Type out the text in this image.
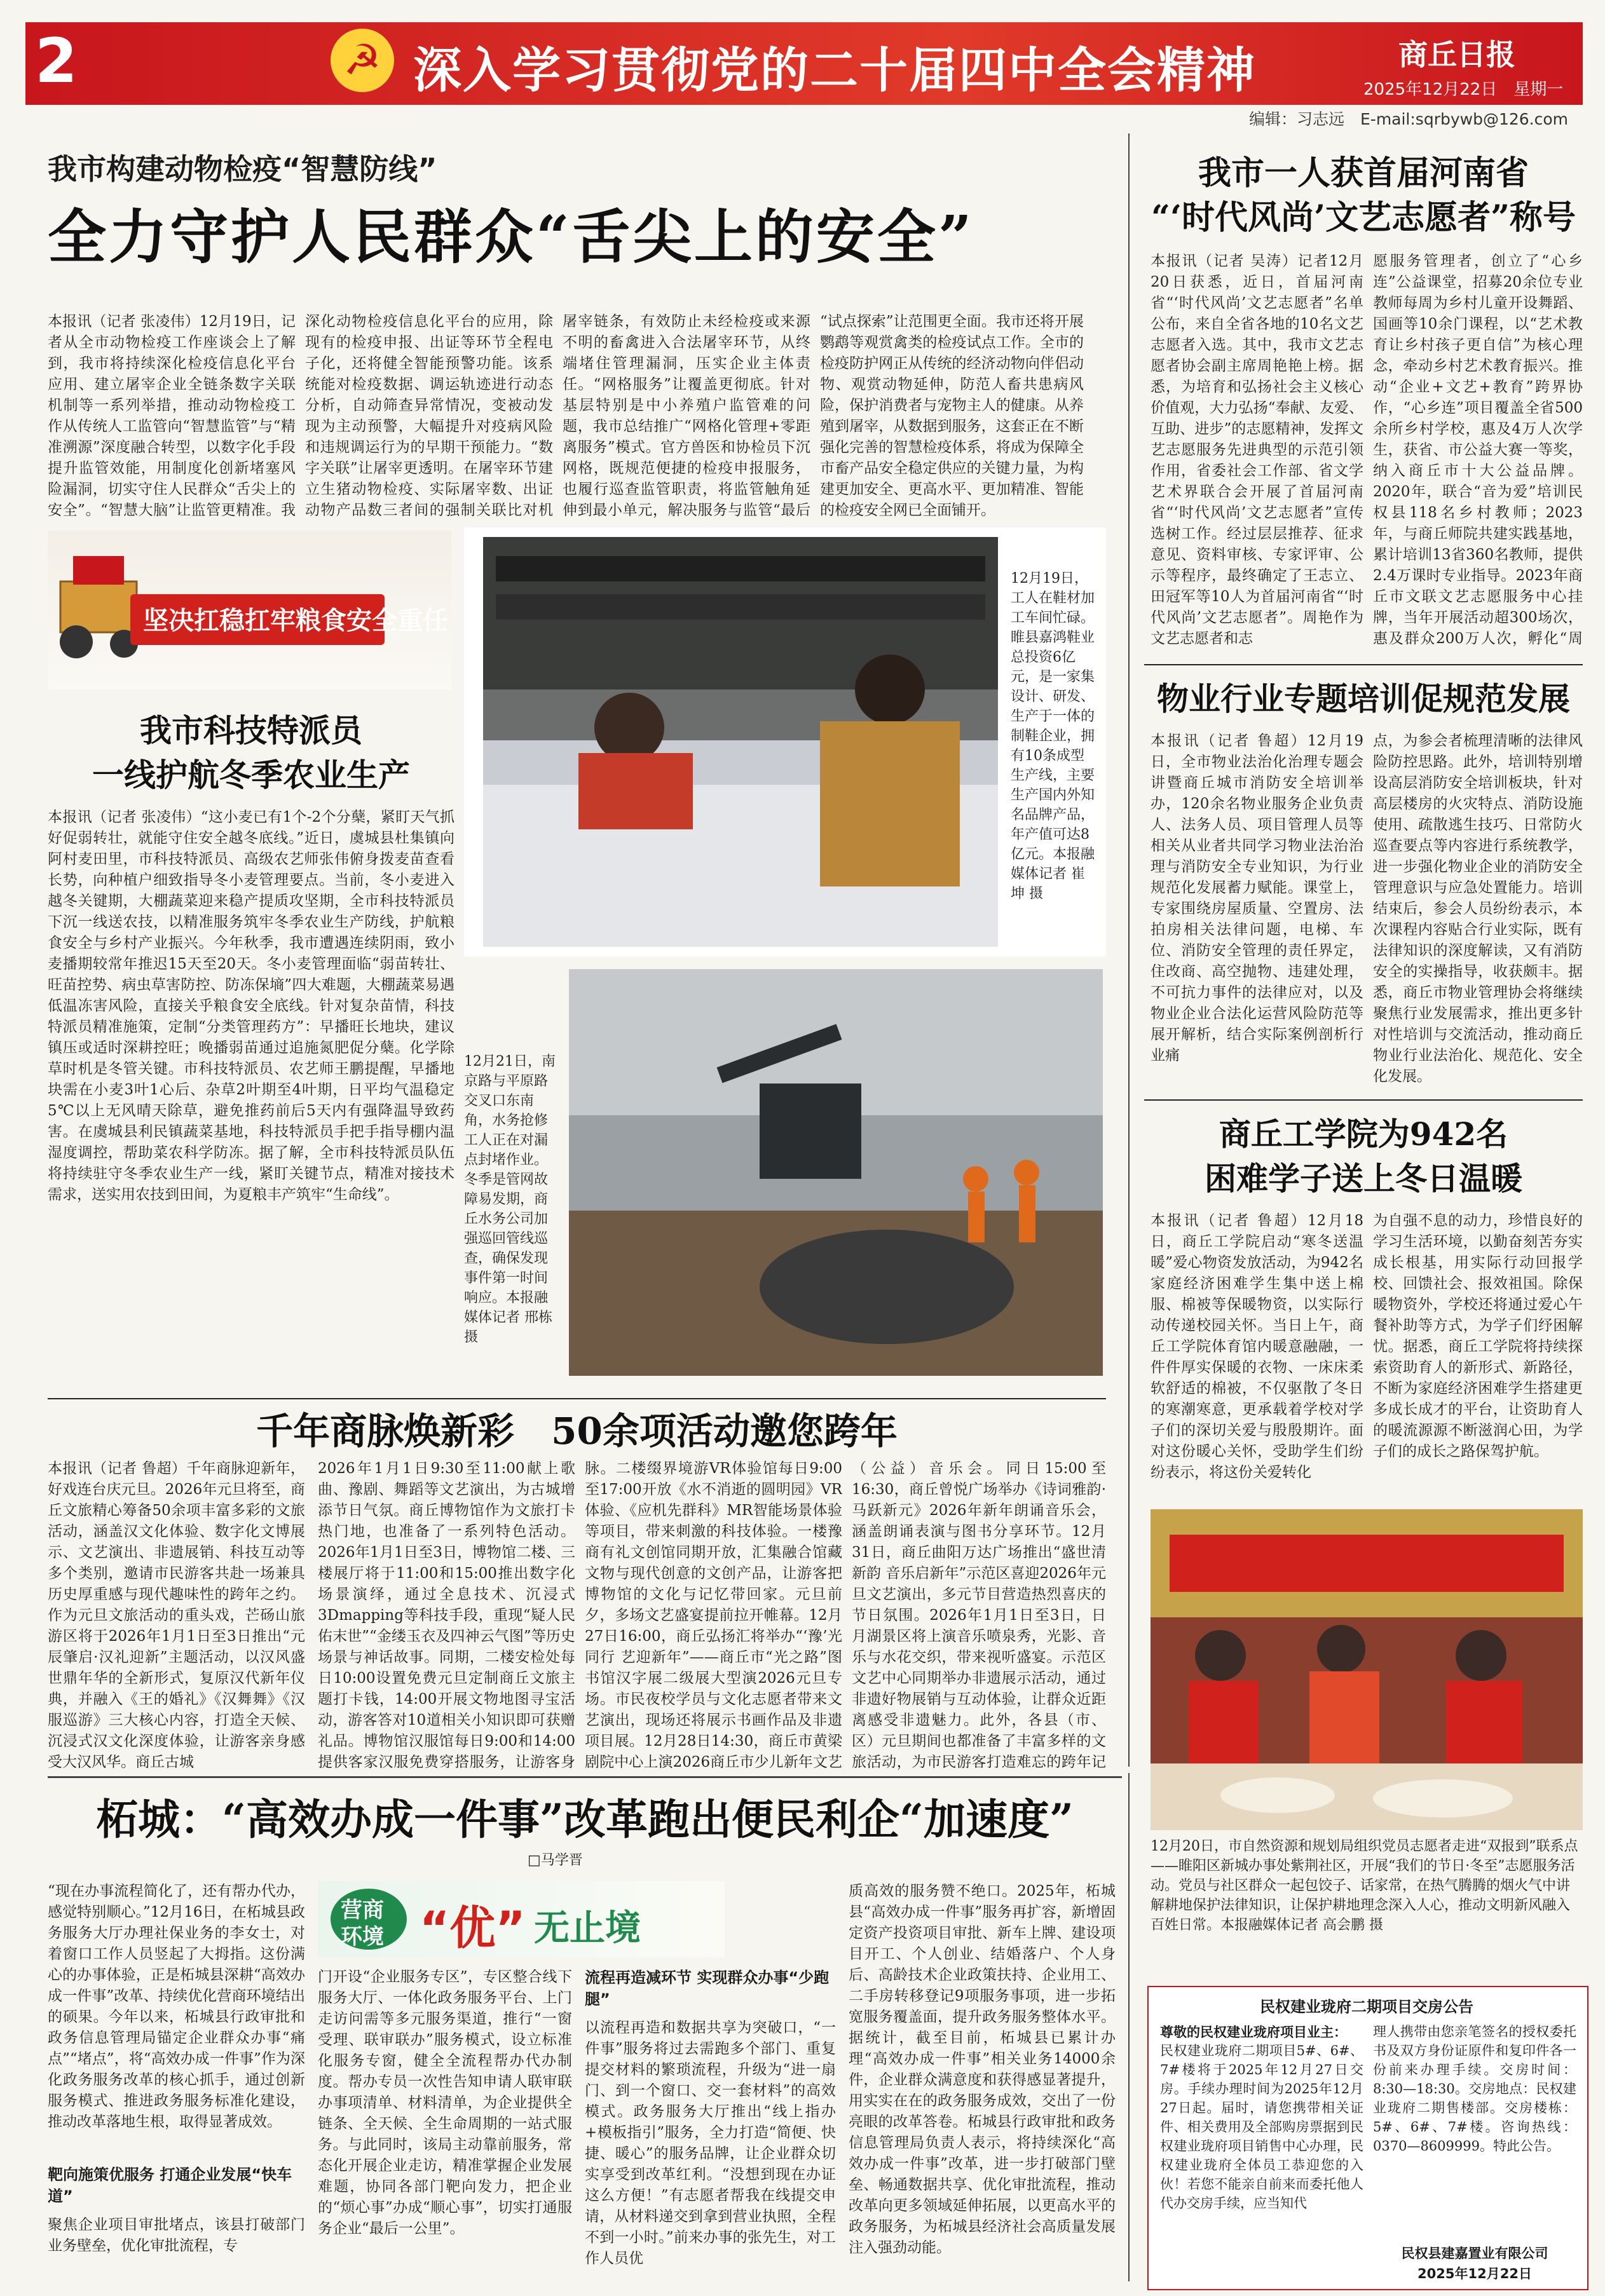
2	☭ 深入学习贯彻党的二十届四中全会精神	商丘日报
2025年12月22日　星期一
编辑：习志远　E-mail:sqrbywb@126.com
我市构建动物检疫“智慧防线”
全力守护人民群众“舌尖上的安全”
本报讯（记者 张凌伟）12月19日，记者从全市动物检疫工作座谈会上了解到，我市将持续深化检疫信息化平台应用、建立屠宰企业全链条数字关联机制等一系列举措，推动动物检疫工作从传统人工监管向“智慧监管”与“精准溯源”深度融合转型，以数字化手段提升监管效能，用制度化创新堵塞风险漏洞，切实守住人民群众“舌尖上的安全”。“智慧大脑”让监管更精准。我
深化动物检疫信息化平台的应用，除现有的检疫申报、出证等环节全程电子化，还将健全智能预警功能。该系统能对检疫数据、调运轨迹进行动态分析，自动筛查异常情况，变被动发现为主动预警，大幅提升对疫病风险和违规调运行为的早期干预能力。“数字关联”让屠宰更透明。在屠宰环节建立生猪动物检疫、实际屠宰数、出证动物产品数三者间的强制关联比对机
屠宰链条，有效防止未经检疫或来源不明的畜禽进入合法屠宰环节，从终端堵住管理漏洞，压实企业主体责任。“网格服务”让覆盖更彻底。针对基层特别是中小养殖户监管难的问题，我市总结推广“网格化管理+零距离服务”模式。官方兽医和协检员下沉网格，既规范便捷的检疫申报服务，也履行巡查监管职责，将监管触角延伸到最小单元，解决服务与监管“最后
“试点探索”让范围更全面。我市还将开展鹦鹉等观赏禽类的检疫试点工作。全市的检疫防护网正从传统的经济动物向伴侣动物、观赏动物延伸，防范人畜共患病风险，保护消费者与宠物主人的健康。从养殖到屠宰，从数据到服务，这套正在不断强化完善的智慧检疫体系，将成为保障全市畜产品安全稳定供应的关键力量，为构建更加安全、更高水平、更加精准、智能的检疫安全网已全面铺开。
坚决扛稳扛牢粮食安全重任
我市科技特派员
一线护航冬季农业生产
本报讯（记者 张凌伟）“这小麦已有1个-2个分蘖，紧盯天气抓好促弱转壮，就能守住安全越冬底线。”近日，虞城县杜集镇向阿村麦田里，市科技特派员、高级农艺师张伟俯身拨麦苗查看长势，向种植户细致指导冬小麦管理要点。当前，冬小麦进入越冬关键期，大棚蔬菜迎来稳产提质攻坚期，全市科技特派员下沉一线送农技，以精准服务筑牢冬季农业生产防线，护航粮食安全与乡村产业振兴。今年秋季，我市遭遇连续阴雨，致小麦播期较常年推迟15天至20天。冬小麦管理面临“弱苗转壮、旺苗控势、病虫草害防控、防冻保墒”四大难题，大棚蔬菜易遇低温冻害风险，直接关乎粮食安全底线。针对复杂苗情，科技特派员精准施策，定制“分类管理药方”：早播旺长地块，建议镇压或适时深耕控旺；晚播弱苗通过追施氮肥促分蘖。化学除草时机是冬管关键。市科技特派员、农艺师王鹏提醒，早播地块需在小麦3叶1心后、杂草2叶期至4叶期，日平均气温稳定5℃以上无风晴天除草，避免推药前后5天内有强降温导致药害。在虞城县利民镇蔬菜基地，科技特派员手把手指导棚内温湿度调控，帮助菜农科学防冻。据了解，全市科技特派员队伍将持续驻守冬季农业生产一线，紧盯关键节点，精准对接技术需求，送实用农技到田间，为夏粮丰产筑牢“生命线”。
12月19日，工人在鞋材加工车间忙碌。睢县嘉鸿鞋业总投资6亿元，是一家集设计、研发、生产于一体的制鞋企业，拥有10条成型生产线，主要生产国内外知名品牌产品，年产值可达8亿元。本报融媒体记者 崔坤 摄
12月21日，南京路与平原路交叉口东南角，水务抢修工人正在对漏点封堵作业。冬季是管网故障易发期，商丘水务公司加强巡回管线巡查，确保发现事件第一时间响应。本报融媒体记者 邢栋 摄
千年商脉焕新彩　50余项活动邀您跨年
本报讯（记者 鲁超）千年商脉迎新年，好戏连台庆元旦。2026年元旦将至，商丘文旅精心筹备50余项丰富多彩的文旅活动，涵盖汉文化体验、数字化文博展示、文艺演出、非遗展销、科技互动等多个类别，邀请市民游客共赴一场兼具历史厚重感与现代趣味性的跨年之约。作为元旦文旅活动的重头戏，芒砀山旅游区将于2026年1月1日至3日推出“元辰肇启·汉礼迎新”主题活动，以汉风盛世鼎年华的全新形式，复原汉代新年仪典，并融入《王的婚礼》《汉舞舞》《汉服巡游》三大核心内容，打造全天候、沉浸式汉文化深度体验，让游客亲身感受大汉风华。商丘古城
2026年1月1日9:30至11:00献上歌曲、豫剧、舞蹈等文艺演出，为古城增添节日气氛。商丘博物馆作为文旅打卡热门地，也准备了一系列特色活动。2026年1月1日至3日，博物馆二楼、三楼展厅将于11:00和15:00推出数字化场景演绎，通过全息技术、沉浸式3Dmapping等科技手段，重现“疑人民佑末世”“金缕玉衣及四神云气图”等历史场景与神话故事。同期，二楼安检处每日10:00设置免费元旦定制商丘文旅主题打卡钱，14:00开展文物地图寻宝活动，游客答对10道相关小知识即可获赠礼品。博物馆汉服馆每日9:00和14:00提供客家汉服免费穿搭服务，让游客身
脉。二楼缀界境游VR体验馆每日9:00至17:00开放《水不消逝的圆明园》VR体验、《应机先群科》MR智能场景体验等项目，带来刺激的科技体验。一楼豫商有礼文创馆同期开放，汇集融合馆藏文物与现代创意的文创产品，让游客把博物馆的文化与记忆带回家。元旦前夕，多场文艺盛宴提前拉开帷幕。12月27日16:00，商丘弘扬汇将举办“‘豫’光同行 艺迎新年”——商丘市“光之路”图书馆汉字展二级展大型演2026元旦专场。市民夜校学员与文化志愿者带来文艺演出，现场还将展示书画作品及非遗项目展。12月28日14:30，商丘市黄梁剧院中心上演2026商丘市少儿新年文艺
（公益）音乐会。同日15:00至16:30，商丘曾悦广场举办《诗词雅韵·马跃新元》2026年新年朗诵音乐会，涵盖朗诵表演与图书分享环节。12月31日，商丘曲阳万达广场推出“盛世清新韵 音乐启新年”示范区喜迎2026年元旦文艺演出，多元节目营造热烈喜庆的节日氛围。2026年1月1日至3日，日月湖景区将上演音乐喷泉秀，光影、音乐与水花交织，带来视听盛宴。示范区文艺中心同期举办非遗展示活动，通过非遗好物展销与互动体验，让群众近距离感受非遗魅力。此外，各县（市、区）元旦期间也都准备了丰富多样的文旅活动，为市民游客打造难忘的跨年记
柘城：“高效办成一件事”改革跑出便民利企“加速度”
□马学晋
“现在办事流程简化了，还有帮办代办，感觉特别顺心。”12月16日，在柘城县政务服务大厅办理社保业务的李女士，对着窗口工作人员竖起了大拇指。这份满心的办事体验，正是柘城县深耕“高效办成一件事”改革、持续优化营商环境结出的硕果。今年以来，柘城县行政审批和政务信息管理局锚定企业群众办事“痛点”“堵点”，将“高效办成一件事”作为深化政务服务改革的核心抓手，通过创新服务模式、推进政务服务标准化建设，推动改革落地生根，取得显著成效。
靶向施策优服务 打通企业发展“快车道”
聚焦企业项目审批堵点，该县打破部门业务壁垒，优化审批流程，专
营商
环境 “优” 无止境
门开设“企业服务专区”，专区整合线下服务大厅、一体化政务服务平台、上门走访问需等多元服务渠道，推行“一窗受理、联审联办”服务模式，设立标准化服务专窗，健全全流程帮办代办制度。帮办专员一次性告知申请人联审联办事项清单、材料清单，为企业提供全链条、全天候、全生命周期的一站式服务。与此同时，该局主动靠前服务，常态化开展企业走访，精准掌握企业发展难题，协同各部门靶向发力，把企业的“烦心事”办成“顺心事”，切实打通服务企业“最后一公里”。
流程再造减环节 实现群众办事“少跑腿”
以流程再造和数据共享为突破口，“一件事”服务将过去需跑多个部门、重复提交材料的繁琐流程，升级为“进一扇门、到一个窗口、交一套材料”的高效模式。政务服务大厅推出“线上指办+模板指引”服务，全力打造“简便、快捷、暖心”的服务品牌，让企业群众切实享受到改革红利。“没想到现在办证这么方便！”有志愿者帮我在线提交申请，从材料递交到拿到营业执照，全程不到一小时。”前来办事的张先生，对工作人员优
质高效的服务赞不绝口。2025年，柘城县“高效办成一件事”服务再扩容，新增固定资产投资项目审批、新车上牌、建设项目开工、个人创业、结婚落户、个人身后、高龄技术企业政策扶持、企业用工、二手房转移登记9项服务事项，进一步拓宽服务覆盖面，提升政务服务整体水平。据统计，截至目前，柘城县已累计办理“高效办成一件事”相关业务14000余件，企业群众满意度和获得感显著提升，用实实在在的政务服务成效，交出了一份亮眼的改革答卷。柘城县行政审批和政务信息管理局负责人表示，将持续深化“高效办成一件事”改革，进一步打破部门壁垒、畅通数据共享、优化审批流程，推动改革向更多领域延伸拓展，以更高水平的政务服务，为柘城县经济社会高质量发展注入强劲动能。
我市一人获首届河南省
“‘时代风尚’文艺志愿者”称号
本报讯（记者 吴涛）记者12月20日获悉，近日，首届河南省“‘时代风尚’文艺志愿者”名单公布，来自全省各地的10名文艺志愿者入选。其中，我市文艺志愿者协会副主席周艳艳上榜。据悉，为培育和弘扬社会主义核心价值观，大力弘扬“奉献、友爱、互助、进步”的志愿精神，发挥文艺志愿服务先进典型的示范引领作用，省委社会工作部、省文学艺术界联合会开展了首届河南省“‘时代风尚’文艺志愿者”宣传选树工作。经过层层推荐、征求意见、资料审核、专家评审、公示等程序，最终确定了王志立、田冠军等10人为首届河南省“‘时代风尚’文艺志愿者”。周艳作为文艺志愿者和志
愿服务管理者，创立了“心乡连”公益课堂，招募20余位专业教师每周为乡村儿童开设舞蹈、国画等10余门课程，以“艺术教育让乡村孩子更自信”为核心理念，牵动乡村艺术教育振兴。推动“企业+文艺+教育”跨界协作，“心乡连”项目覆盖全省500余所乡村学校，惠及4万人次学生，获省、市公益大赛一等奖，纳入商丘市十大公益品牌。2020年，联合“音为爱”培训民权县118名乡村教师；2023年，与商丘师院共建实践基地，累计培训13省360名教师，提供2.4万课时专业指导。2023年商丘市文联文艺志愿服务中心挂牌，当年开展活动超300场次，惠及群众200万人次，孵化“周
物业行业专题培训促规范发展
本报讯（记者 鲁超）12月19日，全市物业法治化治理专题会讲暨商丘城市消防安全培训举办，120余名物业服务企业负责人、法务人员、项目管理人员等相关从业者共同学习物业法治治理与消防安全专业知识，为行业规范化发展蓄力赋能。课堂上，专家围绕房屋质量、空置房、法拍房相关法律问题，电梯、车位、消防安全管理的责任界定，住改商、高空抛物、违建处理，不可抗力事件的法律应对，以及物业企业合法化运营风险防范等展开解析，结合实际案例剖析行业痛
点，为参会者梳理清晰的法律风险防控思路。此外，培训特别增设高层消防安全培训板块，针对高层楼房的火灾特点、消防设施使用、疏散逃生技巧、日常防火巡查要点等内容进行系统教学，进一步强化物业企业的消防安全管理意识与应急处置能力。培训结束后，参会人员纷纷表示，本次课程内容贴合行业实际，既有法律知识的深度解读，又有消防安全的实操指导，收获颇丰。据悉，商丘市物业管理协会将继续聚焦行业发展需求，推出更多针对性培训与交流活动，推动商丘物业行业法治化、规范化、安全化发展。
商丘工学院为942名
困难学子送上冬日温暖
本报讯（记者 鲁超）12月18日，商丘工学院启动“寒冬送温暖”爱心物资发放活动，为942名家庭经济困难学生集中送上棉服、棉被等保暖物资，以实际行动传递校园关怀。当日上午，商丘工学院体育馆内暖意融融，一件件厚实保暖的衣物、一床床柔软舒适的棉被，不仅驱散了冬日的寒潮寒意，更承载着学校对学子们的深切关爱与殷殷期许。面对这份暖心关怀，受助学生们纷纷表示，将这份关爱转化
为自强不息的动力，珍惜良好的学习生活环境，以勤奋刻苦夯实成长根基，用实际行动回报学校、回馈社会、报效祖国。除保暖物资外，学校还将通过爱心午餐补助等方式，为学子们纾困解忧。据悉，商丘工学院将持续探索资助育人的新形式、新路径，不断为家庭经济困难学生搭建更多成长成才的平台，让资助育人的暖流源源不断滋润心田，为学子们的成长之路保驾护航。
12月20日，市自然资源和规划局组织党员志愿者走进“双报到”联系点——睢阳区新城办事处紫荆社区，开展“我们的节日·冬至”志愿服务活动。党员与社区群众一起包饺子、话家常，在热气腾腾的烟火气中讲解耕地保护法律知识，让保护耕地理念深入人心，推动文明新风融入百姓日常。本报融媒体记者 高会鹏 摄
民权建业珑府二期项目交房公告
尊敬的民权建业珑府项目业主：
民权建业珑府二期项目5#、6#、7#楼将于2025年12月27日交房。手续办理时间为2025年12月27日起。届时，请您携带相关证件、相关费用及全部购房票据到民权建业珑府项目销售中心办理，民权建业珑府全体员工恭迎您的入伙！若您不能亲自前来而委托他人代办交房手续，应当知代
理人携带由您亲笔签名的授权委托书及双方身份证原件和复印件各一份前来办理手续。交房时间：8:30—18:30。交房地点：民权建业珑府二期售楼部。交房楼栋：5#、6#、7#楼。咨询热线：0370—8609999。特此公告。
民权县建嘉置业有限公司
2025年12月22日
